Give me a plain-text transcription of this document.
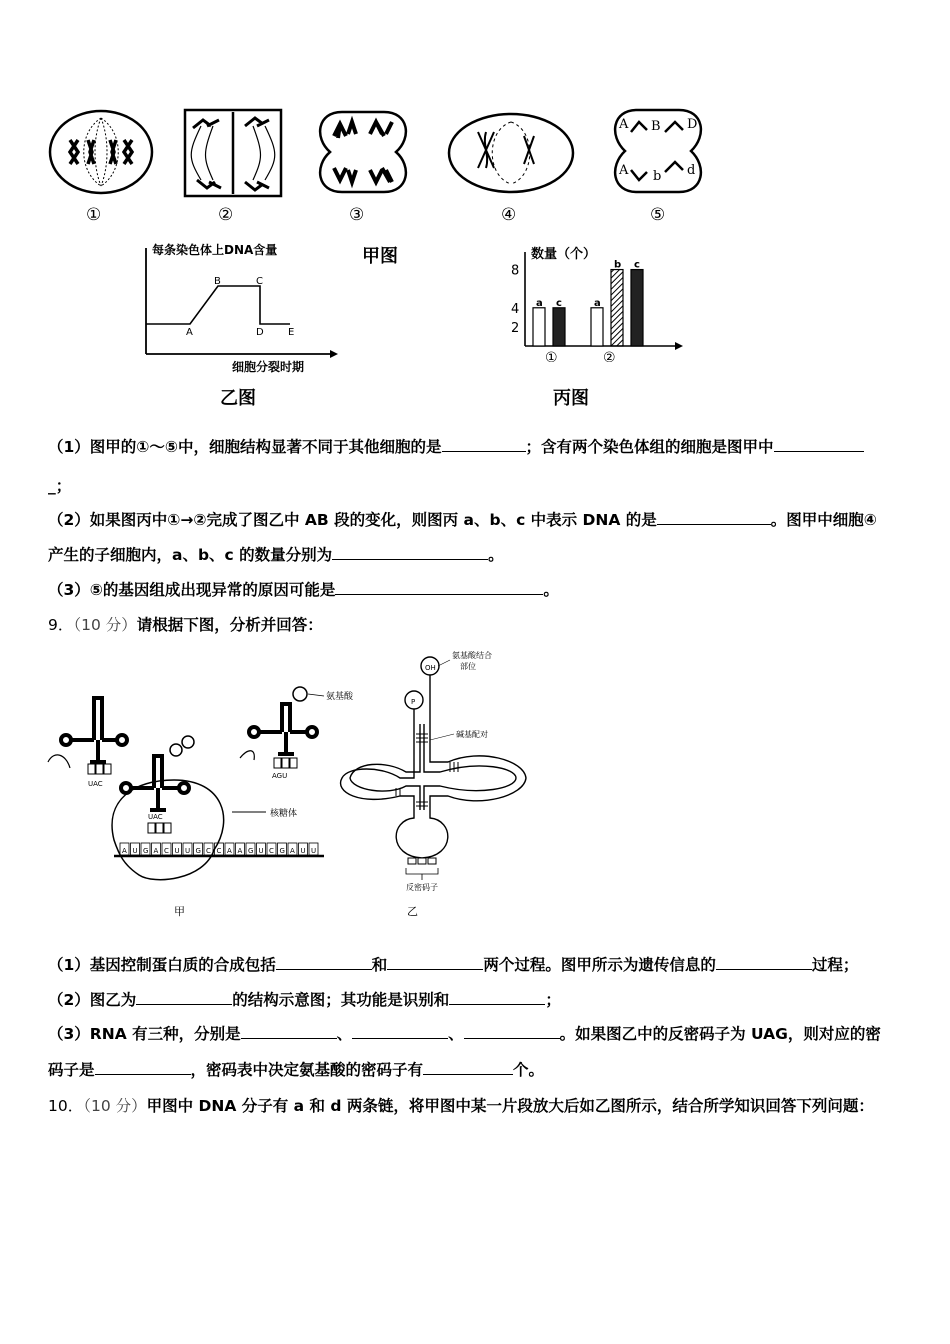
①	②	③	④
A B D
A b d
⑤
甲图
每条染色体上DNA含量
细胞分裂时期
A
B	C
D E
乙图
数量（个）
8
4
2
a c
①
a
b c
②
丙图
（1）图甲的①～⑤中，细胞结构显著不同于其他细胞的是	；含有两个染色体组的细胞是图甲中
_；
（2）如果图丙中①→②完成了图乙中 AB 段的变化，则图丙 a、b、c 中表示 DNA 的是	。图甲中细胞④
产生的子细胞内，a、b、c 的数量分别为	。
（3）⑤的基因组成出现异常的原因可能是	。
9．（10 分）请根据下图，分析并回答：
UAC
核糖体
UAC
氨基酸
AGU
A U G A C U U G C C A A G U C G A U U
甲
OH
P
氨基酸结合
部位
碱基配对
反密码子
乙
（1）基因控制蛋白质的合成包括	和	两个过程。图甲所示为遗传信息的	过程；
（2）图乙为	的结构示意图；其功能是识别和	；
（3）RNA 有三种，分别是	、	、	。如果图乙中的反密码子为 UAG，则对应的密
码子是	，密码表中决定氨基酸的密码子有	个。
10．（10 分）甲图中 DNA 分子有 a 和 d 两条链，将甲图中某一片段放大后如乙图所示，结合所学知识回答下列问题：
